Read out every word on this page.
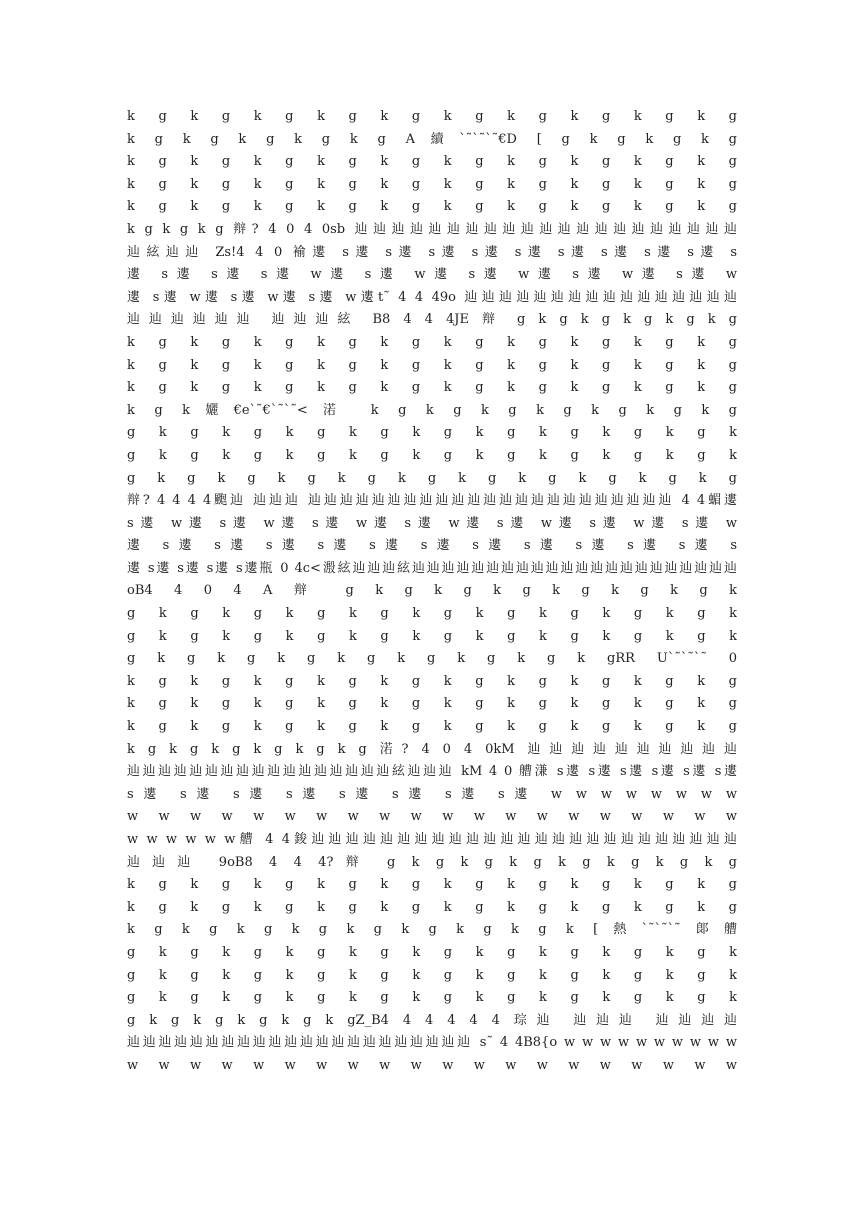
k g k g k g k g k g k g k g k g k g k g
k g k g k g k g k g A續`˜`˜`˜€D [ g k g k g k g
k g k g k g k g k g k g k g k g k g k g
k g k g k g k g k g k g k g k g k g k g
k g k g k g k g k g k g k g k g k g k g
k g k g k g 辩? 4 0 4 0sb 辿辿辿辿辿辿辿辿辿辿辿辿辿辿辿辿辿辿辿辿辿
辿絃辿辿 Zs!4 4 0 褕遱 s遱 s遱 s遱 s遱 s遱 s遱 s遱 s遱 s遱 s
遱 s遱 s遱 s遱 w遱 s遱 w遱 s遱 w遱 s遱 w遱 s遱 w
遱 s遱 w遱 s遱 w遱 s遱 w遱t˜ 4 4 49o 辿辿辿辿辿辿辿辿辿辿辿辿辿辿辿辿
辿辿辿辿辿辿 辿辿辿絃 B8 4 4 4JE 辩 g k g k g k g k g k g
k g k g k g k g k g k g k g k g k g k g
k g k g k g k g k g k g k g k g k g k g
k g k g k g k g k g k g k g k g k g k g
k g k孋€e`˜€`˜`˜<渃 k g k g k g k g k g k g k g
g k g k g k g k g k g k g k g k g k g k
g k g k g k g k g k g k g k g k g k g k
g k g k g k g k g k g k g k g k g k g k g
辩? 4 4 4 4颮辿 辿辿辿 辿辿辿辿辿辿辿辿辿辿辿辿辿辿辿辿辿辿辿辿辿辿辿 4 4蝞遱
s遱 w遱 s遱 w遱 s遱 w遱 s遱 w遱 s遱 w遱 s遱 w遱 s遱 w
遱 s遱 s遱 s遱 s遱 s遱 s遱 s遱 s遱 s遱 s遱 s遱 s
遱 s遱 s遱 s遱 s遱瓶 0 4c<溵絃辿辿辿絃辿辿辿辿辿辿辿辿辿辿辿辿辿辿辿辿辿辿辿辿辿辿
oB4 4 0 4 A 辩 g k g k g k g k g k g k g k
g k g k g k g k g k g k g k g k g k g k
g k g k g k g k g k g k g k g k g k g k
g k g k g k g k g k g k g k g k gRR U`˜`˜`˜ 0
k g k g k g k g k g k g k g k g k g k g
k g k g k g k g k g k g k g k g k g k g
k g k g k g k g k g k g k g k g k g k g
k g k g k g k g k g k g 渃? 4 0 4 0kM 辿辿辿辿辿辿辿辿辿辿
辿辿辿辿辿辿辿辿辿辿辿辿辿辿辿辿辿絃辿辿辿 kM 4 0 艚溓 s遱 s遱 s遱 s遱 s遱 s遱
s遱 s遱 s遱 s遱 s遱 s遱 s遱 s遱 w w w w w w w w
w w w w w w w w w w w w w w w w w w w w
w w w w w w艚 4 4鋑辿辿辿辿辿辿辿辿辿辿辿辿辿辿辿辿辿辿辿辿辿辿辿辿辿
辿辿辿 9oB8 4 4 4?辩 g k g k g k g k g k g k g k g
k g k g k g k g k g k g k g k g k g k g
k g k g k g k g k g k g k g k g k g k g
k g k g k g k g k g k g k g k g k [熱`˜`˜`˜郞艚
g k g k g k g k g k g k g k g k g k g k
g k g k g k g k g k g k g k g k g k g k
g k g k g k g k g k g k g k g k g k g k
g k g k g k g k g k gZ_B4 4 4 4 4 4 琮辿 辿辿辿 辿辿辿辿
辿辿辿辿辿辿辿辿辿辿辿辿辿辿辿辿辿辿辿辿辿辿 s˜ 4 4B8{o w w w w w w w w w w
w w w w w w w w w w w w w w w w w w w w
